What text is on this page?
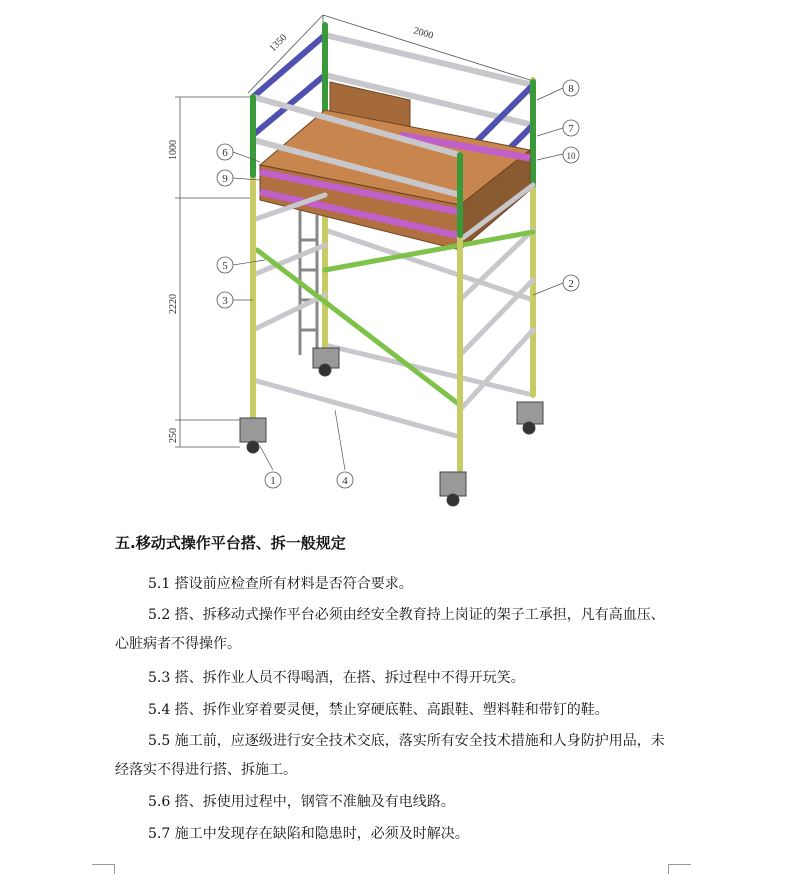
1350	2000
1000
2220
250
1
2
3
4
5
6
7
8
9
10
五.移动式操作平台搭、拆一般规定

5.1 搭设前应检查所有材料是否符合要求。

5.2 搭、拆移动式操作平台必须由经安全教育持上岗证的架子工承担，凡有高血压、心脏病者不得操作。

5.3 搭、拆作业人员不得喝酒，在搭、拆过程中不得开玩笑。

5.4 搭、拆作业穿着要灵便，禁止穿硬底鞋、高跟鞋、塑料鞋和带钉的鞋。

5.5 施工前，应逐级进行安全技术交底，落实所有安全技术措施和人身防护用品，未经落实不得进行搭、拆施工。

5.6 搭、拆使用过程中，钢管不准触及有电线路。

5.7 施工中发现存在缺陷和隐患时，必须及时解决。
